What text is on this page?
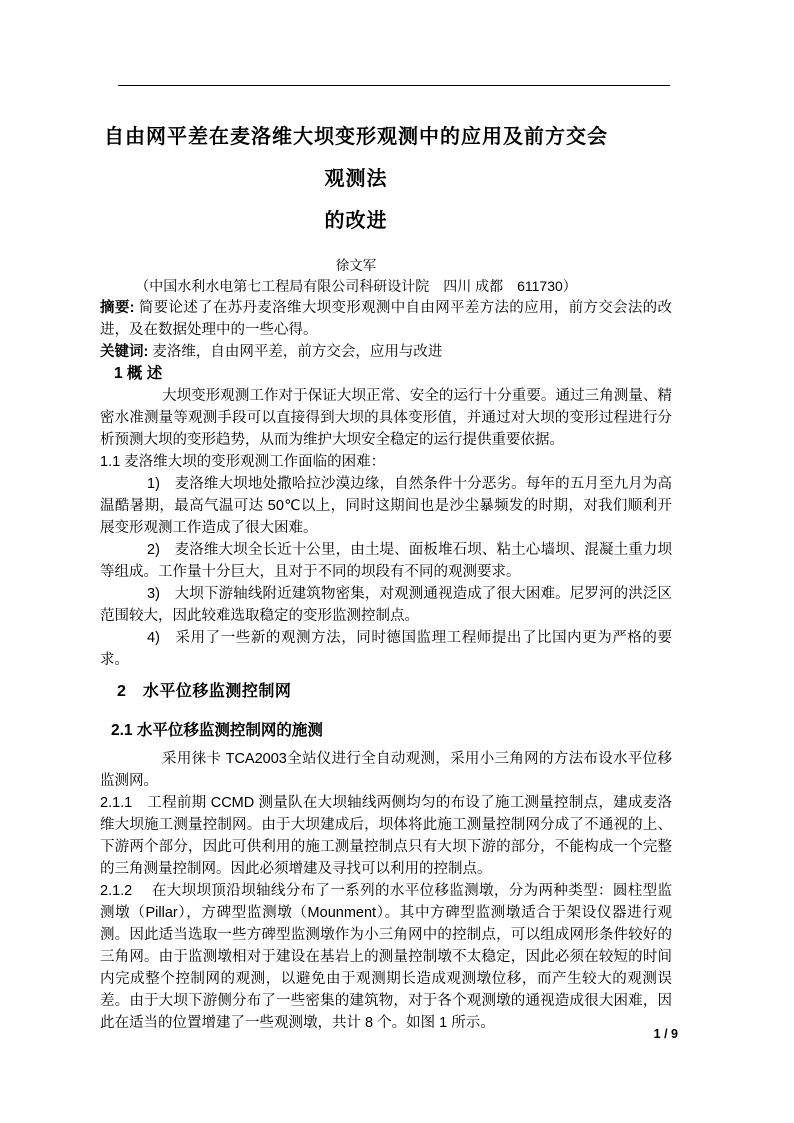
自由网平差在麦洛维大坝变形观测中的应用及前方交会观测法
的改进
徐文军
（中国水利水电第七工程局有限公司科研设计院　四川 成都　611730）

摘要: 简要论述了在苏丹麦洛维大坝变形观测中自由网平差方法的应用，前方交会法的改进，及在数据处理中的一些心得。

关键词: 麦洛维，自由网平差，前方交会，应用与改进

1 概 述
大坝变形观测工作对于保证大坝正常、安全的运行十分重要。通过三角测量、精密水准测量等观测手段可以直接得到大坝的具体变形值，并通过对大坝的变形过程进行分析预测大坝的变形趋势，从而为维护大坝安全稳定的运行提供重要依据。
1.1 麦洛维大坝的变形观测工作面临的困难：
1)　麦洛维大坝地处撒哈拉沙漠边缘，自然条件十分恶劣。每年的五月至九月为高温酷暑期，最高气温可达 50℃以上，同时这期间也是沙尘暴频发的时期，对我们顺利开展变形观测工作造成了很大困难。
2)　麦洛维大坝全长近十公里，由土堤、面板堆石坝、粘土心墙坝、混凝土重力坝等组成。工作量十分巨大，且对于不同的坝段有不同的观测要求。
3)　大坝下游轴线附近建筑物密集，对观测通视造成了很大困难。尼罗河的洪泛区范围较大，因此较难选取稳定的变形监测控制点。
4)　采用了一些新的观测方法，同时德国监理工程师提出了比国内更为严格的要求。
2　水平位移监测控制网
2.1 水平位移监测控制网的施测
采用徕卡 TCA2003全站仪进行全自动观测，采用小三角网的方法布设水平位移监测网。
2.1.1　工程前期 CCMD 测量队在大坝轴线两侧均匀的布设了施工测量控制点，建成麦洛维大坝施工测量控制网。由于大坝建成后，坝体将此施工测量控制网分成了不通视的上、下游两个部分，因此可供利用的施工测量控制点只有大坝下游的部分，不能构成一个完整的三角测量控制网。因此必须增建及寻找可以利用的控制点。
2.1.2　 在大坝坝顶沿坝轴线分布了一系列的水平位移监测墩，分为两种类型：圆柱型监测墩（Pillar），方碑型监测墩（Mounment）。其中方碑型监测墩适合于架设仪器进行观测。因此适当选取一些方碑型监测墩作为小三角网中的控制点，可以组成网形条件较好的三角网。由于监测墩相对于建设在基岩上的测量控制墩不太稳定，因此必须在较短的时间内完成整个控制网的观测，以避免由于观测期长造成观测墩位移，而产生较大的观测误差。由于大坝下游侧分布了一些密集的建筑物，对于各个观测墩的通视造成很大困难，因此在适当的位置增建了一些观测墩，共计 8 个。如图 1 所示。
1 / 9
